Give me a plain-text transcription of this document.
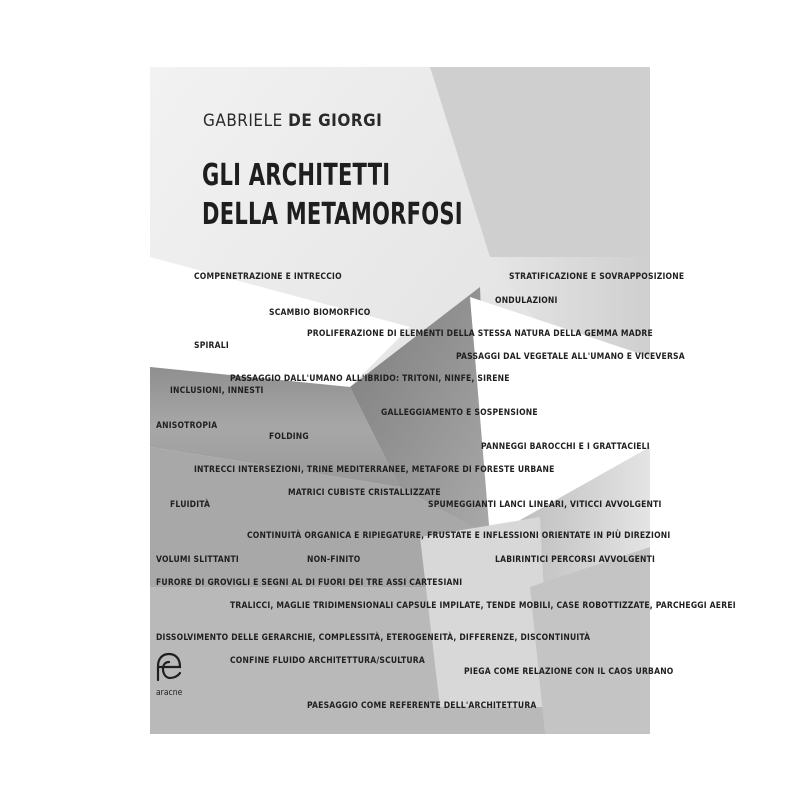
GABRIELE DE GIORGI
GLI ARCHITETTI
DELLA METAMORFOSI
COMPENETRAZIONE E INTRECCIO	STRATIFICAZIONE E SOVRAPPOSIZIONE
ONDULAZIONI
SCAMBIO BIOMORFICO
PROLIFERAZIONE DI ELEMENTI DELLA STESSA NATURA DELLA GEMMA MADRE
SPIRALI
PASSAGGI DAL VEGETALE ALL'UMANO E VICEVERSA
PASSAGGIO DALL'UMANO ALL'IBRIDO: TRITONI, NINFE, SIRENE
INCLUSIONI, INNESTI
GALLEGGIAMENTO E SOSPENSIONE
ANISOTROPIA
FOLDING
PANNEGGI BAROCCHI E I GRATTACIELI
INTRECCI INTERSEZIONI, TRINE MEDITERRANEE, METAFORE DI FORESTE URBANE
MATRICI CUBISTE CRISTALLIZZATE
FLUIDITÀ	SPUMEGGIANTI LANCI LINEARI, VITICCI AVVOLGENTI
CONTINUITÀ ORGANICA E RIPIEGATURE, FRUSTATE E INFLESSIONI ORIENTATE IN PIÙ DIREZIONI
VOLUMI SLITTANTI	NON-FINITO	LABIRINTICI PERCORSI AVVOLGENTI
FURORE DI GROVIGLI E SEGNI AL DI FUORI DEI TRE ASSI CARTESIANI
TRALICCI, MAGLIE TRIDIMENSIONALI CAPSULE IMPILATE, TENDE MOBILI, CASE ROBOTTIZZATE, PARCHEGGI AEREI
DISSOLVIMENTO DELLE GERARCHIE, COMPLESSITÀ, ETEROGENEITÀ, DIFFERENZE, DISCONTINUITÀ
CONFINE FLUIDO ARCHITETTURA/SCULTURA
PIEGA COME RELAZIONE CON IL CAOS URBANO
PAESAGGIO COME REFERENTE DELL'ARCHITETTURA
aracne
